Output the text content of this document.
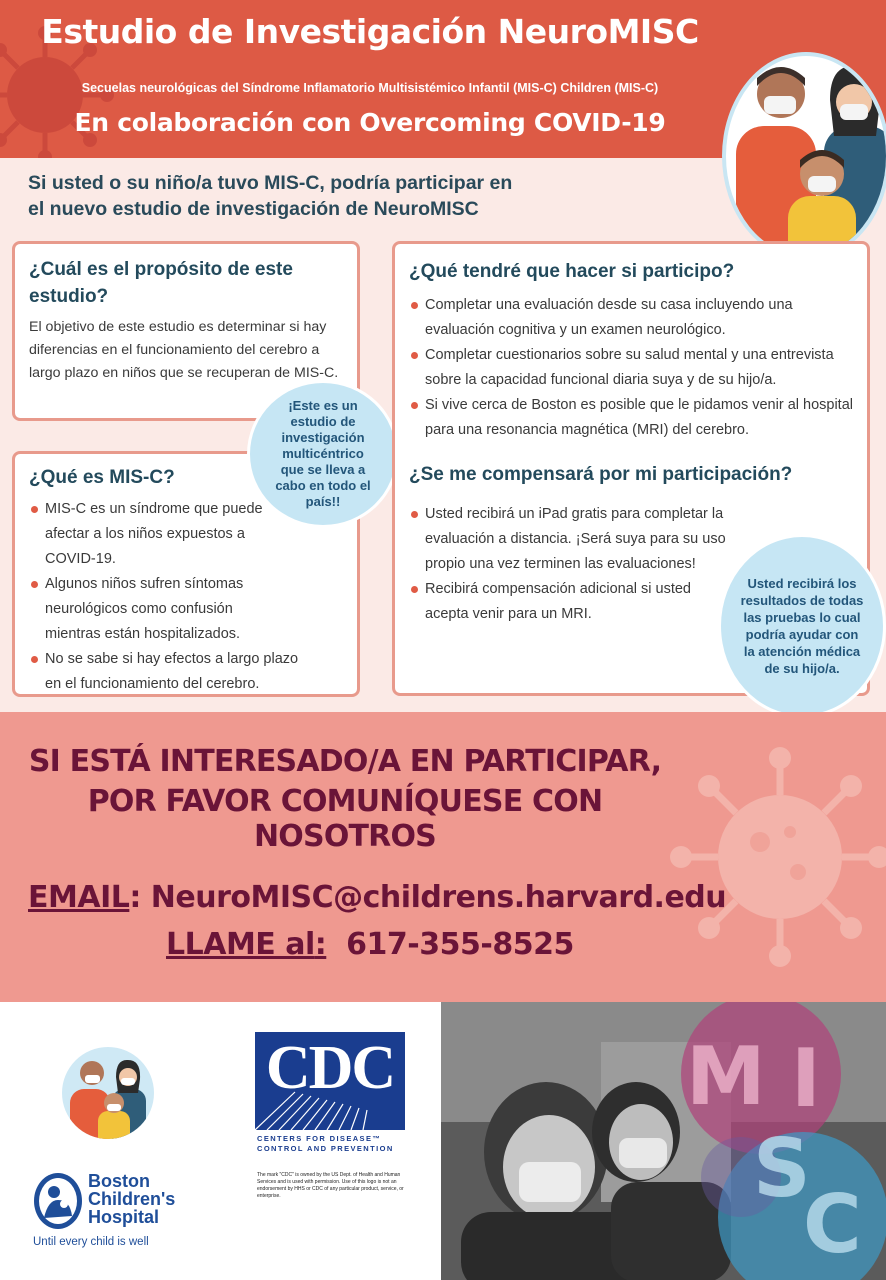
Estudio de Investigación NeuroMISC
Secuelas neurológicas del Síndrome Inflamatorio Multisistémico Infantil (MIS-C) Children (MIS-C)
En colaboración con Overcoming COVID-19
Si usted o su niño/a tuvo MIS-C, podría participar en
el nuevo estudio de investigación de NeuroMISC
¿Cuál es el propósito de este
estudio?

El objetivo de este estudio es determinar si hay diferencias en el funcionamiento del cerebro a largo plazo en niños que se recuperan de MIS-C.

¿Qué es MIS-C?
MIS-C es un síndrome que puede afectar a los niños expuestos a COVID-19.
Algunos niños sufren síntomas neurológicos como confusión mientras están hospitalizados.
No se sabe si hay efectos a largo plazo en el funcionamiento del cerebro.
¡Este es un estudio de investigación multicéntrico que se lleva a cabo en todo el país!!
¿Qué tendré que hacer si participo?
Completar una evaluación desde su casa incluyendo una evaluación cognitiva y un examen neurológico.
Completar cuestionarios sobre su salud mental y una entrevista sobre la capacidad funcional diaria suya y de su hijo/a.
Si vive cerca de Boston es posible que le pidamos venir al hospital para una resonancia magnética (MRI) del cerebro.
¿Se me compensará por mi participación?
Usted recibirá un iPad gratis para completar la evaluación a distancia. ¡Será suya para su uso propio una vez terminen las evaluaciones!
Recibirá compensación adicional si usted acepta venir para un MRI.
Usted recibirá los resultados de todas las pruebas lo cual podría ayudar con la atención médica de su hijo/a.
SI ESTÁ INTERESADO/A EN PARTICIPAR,
POR FAVOR COMUNÍQUESE CON NOSOTROS
EMAIL: NeuroMISC@childrens.harvard.edu
LLAME al: 617-355-8525
Boston
Children's
Hospital
Until every child is well
CDC
CENTERS FOR DISEASE™
CONTROL AND PREVENTION
The mark "CDC" is owned by the US Dept. of Health and Human Services and is used with permission. Use of this logo is not an endorsement by HHS or CDC of any particular product, service, or enterprise.
M I
S
C
